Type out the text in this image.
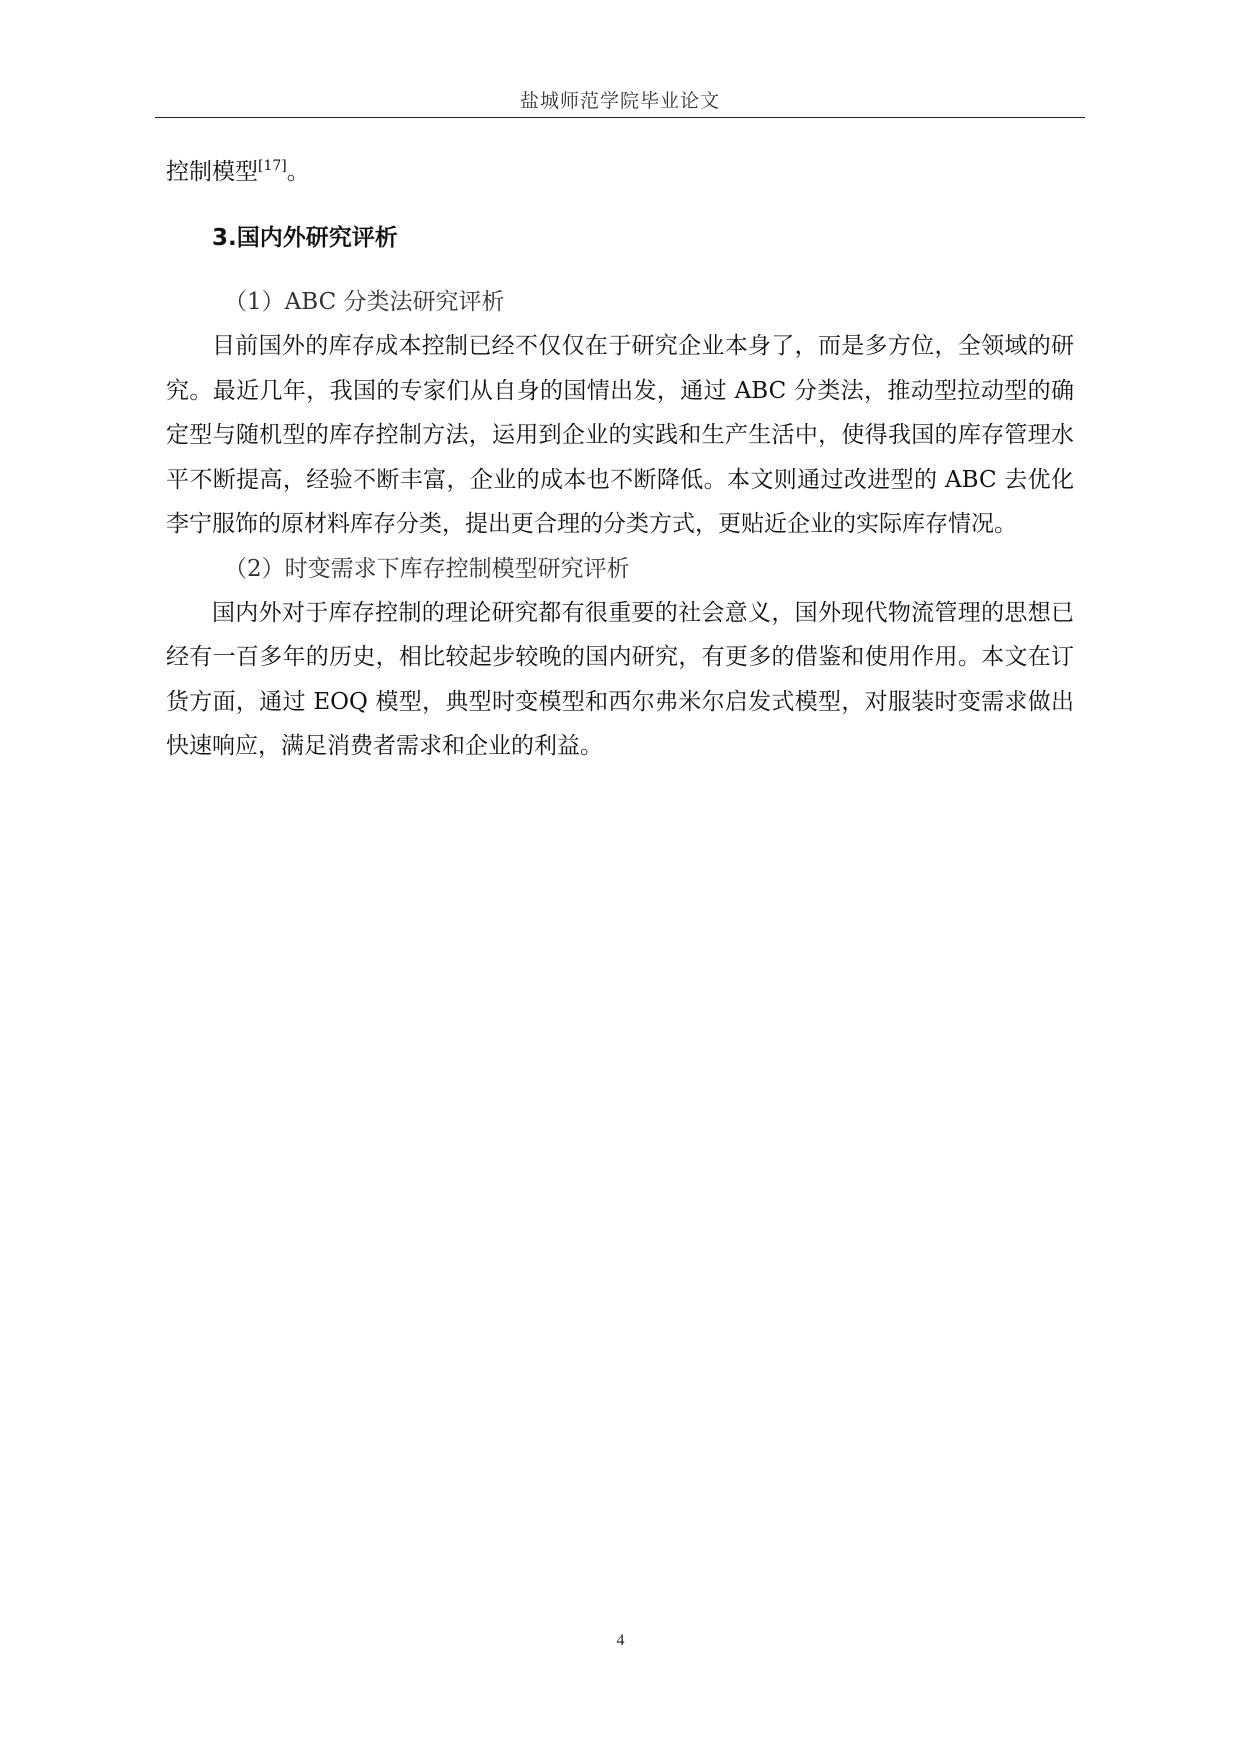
盐城师范学院毕业论文

控制模型[17]。

3.国内外研究评析

（1）ABC 分类法研究评析

目前国外的库存成本控制已经不仅仅在于研究企业本身了，而是多方位，全领域的研究。最近几年，我国的专家们从自身的国情出发，通过 ABC 分类法，推动型拉动型的确定型与随机型的库存控制方法，运用到企业的实践和生产生活中，使得我国的库存管理水平不断提高，经验不断丰富，企业的成本也不断降低。本文则通过改进型的 ABC 去优化李宁服饰的原材料库存分类，提出更合理的分类方式，更贴近企业的实际库存情况。

（2）时变需求下库存控制模型研究评析

国内外对于库存控制的理论研究都有很重要的社会意义，国外现代物流管理的思想已经有一百多年的历史，相比较起步较晚的国内研究，有更多的借鉴和使用作用。本文在订货方面，通过 EOQ 模型，典型时变模型和西尔弗米尔启发式模型，对服装时变需求做出快速响应，满足消费者需求和企业的利益。

4
